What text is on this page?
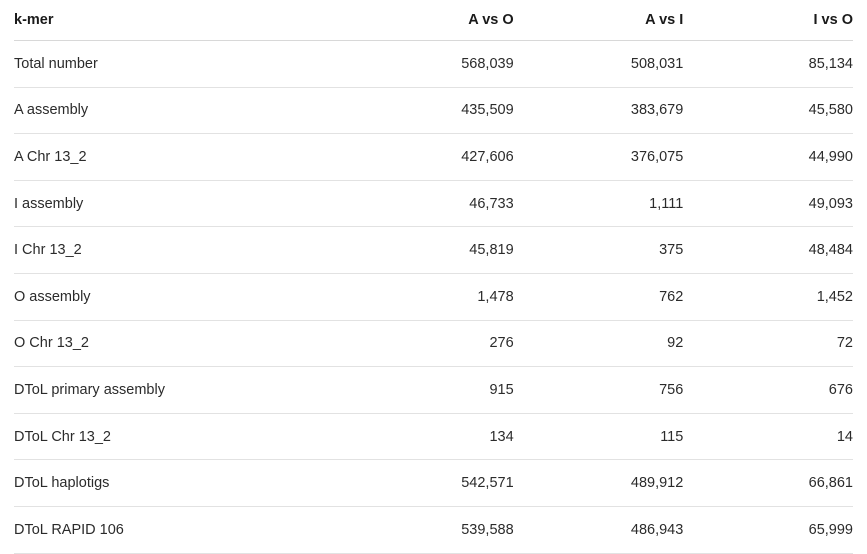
k-mer	A vs O	A vs I	I vs O
Total number	568,039	508,031	85,134
A assembly	435,509	383,679	45,580
A Chr 13_2	427,606	376,075	44,990
I assembly	46,733	1,111	49,093
I Chr 13_2	45,819	375	48,484
O assembly	1,478	762	1,452
O Chr 13_2	276	92	72
DToL primary assembly	915	756	676
DToL Chr 13_2	134	115	14
DToL haplotigs	542,571	489,912	66,861
DToL RAPID 106	539,588	486,943	65,999
